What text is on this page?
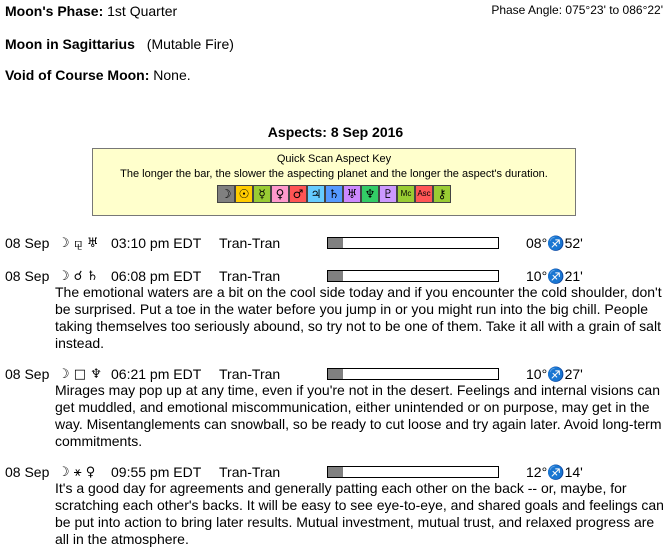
Moon's Phase: 1st Quarter	Phase Angle: 075°23' to 086°22'
Moon in Sagittarius (Mutable Fire)
Void of Course Moon: None.
Aspects: 8 Sep 2016
Quick Scan Aspect Key
The longer the bar, the slower the aspecting planet and the longer the aspect's duration.
☽ ☉ ☿ ♀ ♂ ♃ ♄ ♅ ♆ ♇ Mc Asc ⚷
08 Sep ☽ ⚼ ♅ 03:10 pm EDT Tran-Tran	08°♐52'
08 Sep ☽ ☌ ♄ 06:08 pm EDT Tran-Tran	10°♐21'
The emotional waters are a bit on the cool side today and if you encounter the cold shoulder, don't be surprised. Put a toe in the water before you jump in or you might run into the big chill. People taking themselves too seriously abound, so try not to be one of them. Take it all with a grain of salt instead.
08 Sep ☽ □ ♆ 06:21 pm EDT Tran-Tran	10°♐27'
Mirages may pop up at any time, even if you're not in the desert. Feelings and internal visions can get muddled, and emotional miscommunication, either unintended or on purpose, may get in the way. Misentanglements can snowball, so be ready to cut loose and try again later. Avoid long-term commitments.
08 Sep ☽ ⚹ ♀ 09:55 pm EDT Tran-Tran	12°♐14'
It's a good day for agreements and generally patting each other on the back -- or, maybe, for scratching each other's backs. It will be easy to see eye-to-eye, and shared goals and feelings can be put into action to bring later results. Mutual investment, mutual trust, and relaxed progress are all in the atmosphere.
